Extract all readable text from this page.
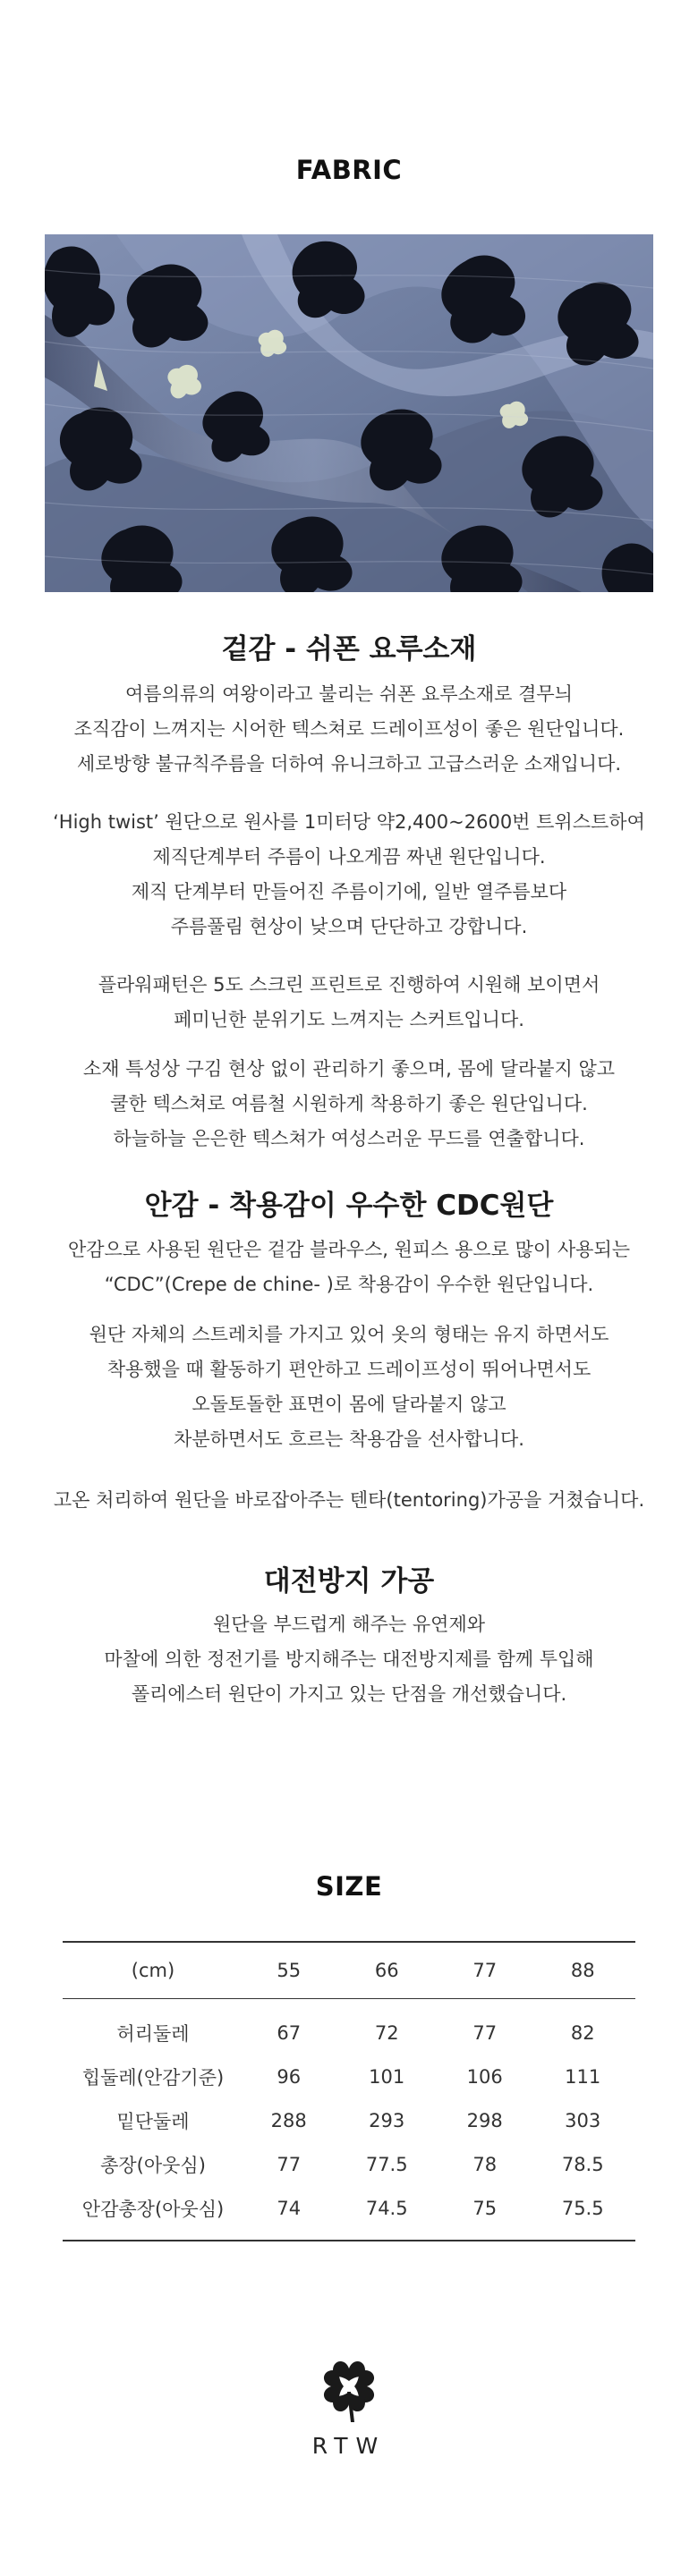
FABRIC
겉감 - 쉬폰 요루소재
여름의류의 여왕이라고 불리는 쉬폰 요루소재로 결무늬
조직감이 느껴지는 시어한 텍스쳐로 드레이프성이 좋은 원단입니다.
세로방향 불규칙주름을 더하여 유니크하고 고급스러운 소재입니다.
‘High twist’ 원단으로 원사를 1미터당 약2,400~2600번 트위스트하여
제직단계부터 주름이 나오게끔 짜낸 원단입니다.
제직 단계부터 만들어진 주름이기에, 일반 열주름보다
주름풀림 현상이 낮으며 단단하고 강합니다.
플라워패턴은 5도 스크린 프린트로 진행하여 시원해 보이면서
페미닌한 분위기도 느껴지는 스커트입니다.
소재 특성상 구김 현상 없이 관리하기 좋으며, 몸에 달라붙지 않고
쿨한 텍스쳐로 여름철 시원하게 착용하기 좋은 원단입니다.
하늘하늘 은은한 텍스쳐가 여성스러운 무드를 연출합니다.
안감 - 착용감이 우수한 CDC원단
안감으로 사용된 원단은 겉감 블라우스, 원피스 용으로 많이 사용되는
“CDC”(Crepe de chine- )로 착용감이 우수한 원단입니다.
원단 자체의 스트레치를 가지고 있어 옷의 형태는 유지 하면서도
착용했을 때 활동하기 편안하고 드레이프성이 뛰어나면서도
오돌토돌한 표면이 몸에 달라붙지 않고
차분하면서도 흐르는 착용감을 선사합니다.
고온 처리하여 원단을 바로잡아주는 텐타(tentoring)가공을 거쳤습니다.
대전방지 가공
원단을 부드럽게 해주는 유연제와
마찰에 의한 정전기를 방지해주는 대전방지제를 함께 투입해
폴리에스터 원단이 가지고 있는 단점을 개선했습니다.
SIZE
(cm)	55	66	77	88
허리둘레	67	72	77	82
힙둘레(안감기준)	96	101	106	111
밑단둘레	288	293	298	303
총장(아웃심)	77	77.5	78	78.5
안감총장(아웃심)	74	74.5	75	75.5
RTW
